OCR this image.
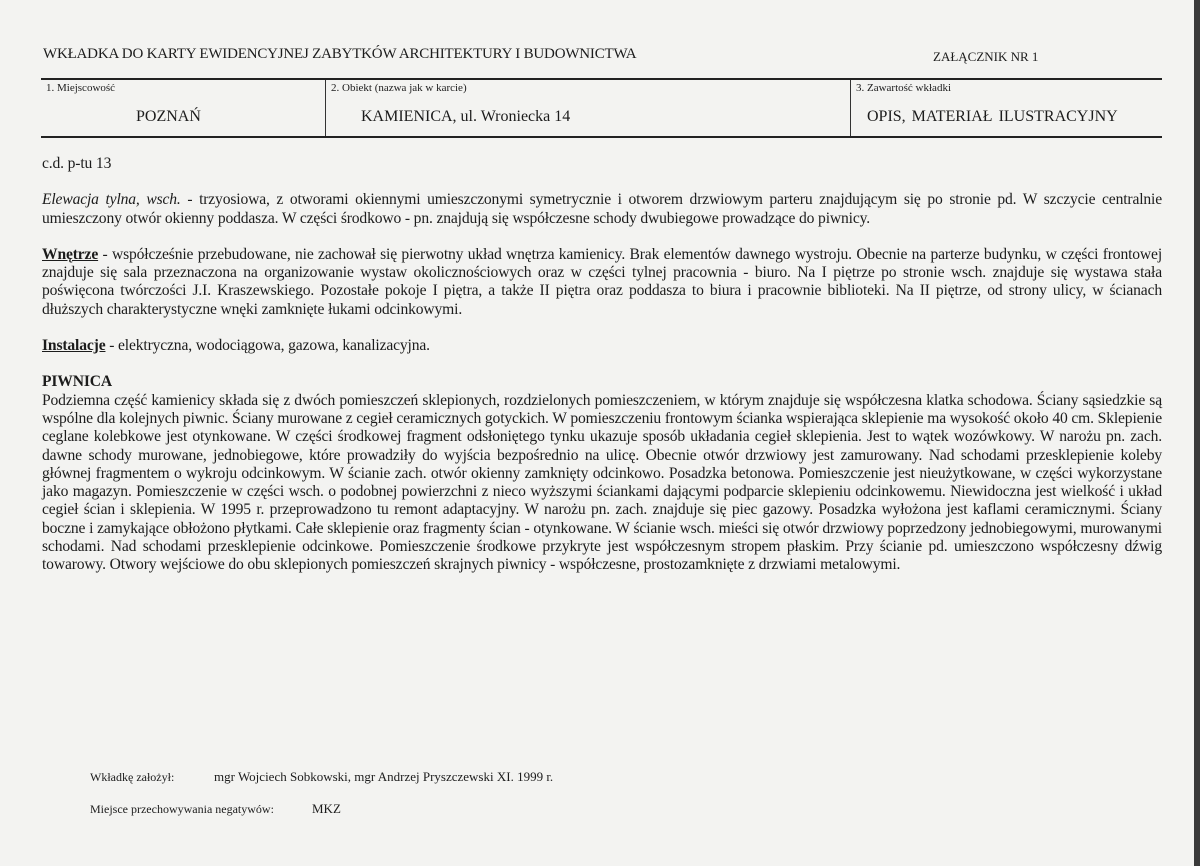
WKŁADKA DO KARTY EWIDENCYJNEJ ZABYTKÓW ARCHITEKTURY I BUDOWNICTWA	ZAŁĄCZNIK NR 1
1. Miejscowość
POZNAŃ
2. Obiekt (nazwa jak w karcie)
KAMIENICA, ul. Wroniecka 14
3. Zawartość wkładki
OPIS, MATERIAŁ ILUSTRACYJNY

c.d. p-tu 13

Elewacja tylna, wsch. - trzyosiowa, z otworami okiennymi umieszczonymi symetrycznie i otworem drzwiowym parteru znajdującym się po stronie pd. W szczycie centralnie umieszczony otwór okienny poddasza. W części środkowo - pn. znajdują się współczesne schody dwubiegowe prowadzące do piwnicy.

Wnętrze - współcześnie przebudowane, nie zachował się pierwotny układ wnętrza kamienicy. Brak elementów dawnego wystroju. Obecnie na parterze budynku, w części frontowej znajduje się sala przeznaczona na organizowanie wystaw okolicznościowych oraz w części tylnej pracownia - biuro. Na I piętrze po stronie wsch. znajduje się wystawa stała poświęcona twórczości J.I. Kraszewskiego. Pozostałe pokoje I piętra, a także II piętra oraz poddasza to biura i pracownie biblioteki. Na II piętrze, od strony ulicy, w ścianach dłuższych charakterystyczne wnęki zamknięte łukami odcinkowymi.

Instalacje - elektryczna, wodociągowa, gazowa, kanalizacyjna.

PIWNICA
Podziemna część kamienicy składa się z dwóch pomieszczeń sklepionych, rozdzielonych pomieszczeniem, w którym znajduje się współczesna klatka schodowa. Ściany sąsiedzkie są wspólne dla kolejnych piwnic. Ściany murowane z cegieł ceramicznych gotyckich. W pomieszczeniu frontowym ścianka wspierająca sklepienie ma wysokość około 40 cm. Sklepienie ceglane kolebkowe jest otynkowane. W części środkowej fragment odsłoniętego tynku ukazuje sposób układania cegieł sklepienia. Jest to wątek wozówkowy. W narożu pn. zach. dawne schody murowane, jednobiegowe, które prowadziły do wyjścia bezpośrednio na ulicę. Obecnie otwór drzwiowy jest zamurowany. Nad schodami przesklepienie koleby głównej fragmentem o wykroju odcinkowym. W ścianie zach. otwór okienny zamknięty odcinkowo. Posadzka betonowa. Pomieszczenie jest nieużytkowane, w części wykorzystane jako magazyn. Pomieszczenie w części wsch. o podobnej powierzchni z nieco wyższymi ściankami dającymi podparcie sklepieniu odcinkowemu. Niewidoczna jest wielkość i układ cegieł ścian i sklepienia. W 1995 r. przeprowadzono tu remont adaptacyjny. W narożu pn. zach. znajduje się piec gazowy. Posadzka wyłożona jest kaflami ceramicznymi. Ściany boczne i zamykające obłożono płytkami. Całe sklepienie oraz fragmenty ścian - otynkowane. W ścianie wsch. mieści się otwór drzwiowy poprzedzony jednobiegowymi, murowanymi schodami. Nad schodami przesklepienie odcinkowe. Pomieszczenie środkowe przykryte jest współczesnym stropem płaskim. Przy ścianie pd. umieszczono współczesny dźwig towarowy. Otwory wejściowe do obu sklepionych pomieszczeń skrajnych piwnicy - współczesne, prostozamknięte z drzwiami metalowymi.

Wkładkę założył:	mgr Wojciech Sobkowski, mgr Andrzej Pryszczewski XI. 1999 r.
Miejsce przechowywania negatywów:	MKZ
